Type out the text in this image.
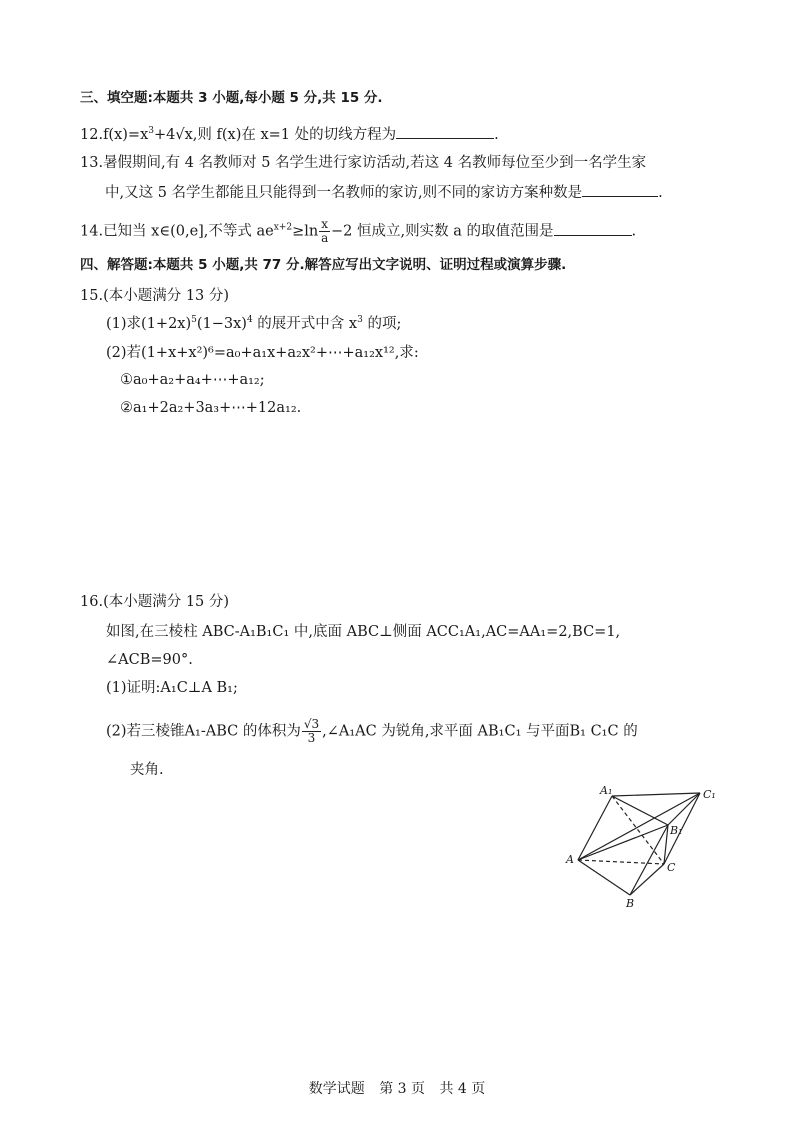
三、填空题:本题共 3 小题,每小题 5 分,共 15 分.
$12.f(x)=x^3+4√x$,则 f(x)在 x=1 处的切线方程为	.
13.暑假期间,有 4 名教师对 5 名学生进行家访活动,若这 4 名教师每位至少到一名学生家
中,又这 5 名学生都能且只能得到一名教师的家访,则不同的家访方案种数是	.
14.已知当 x∈(0,e],不等式 $ae^{x+2}\ge\ln \frac{x}{a} -2$ 恒成立,则实数 a 的取值范围是	.
四、解答题:本题共 5 小题,共 77 分.解答应写出文字说明、证明过程或演算步骤.
15.(本小题满分 13 分)
(1)求$(1+2x)^5(1-3x)^4$ 的展开式中含 $x^3$ 的项;
(2)若(1+x+x²)⁶=a₀+a₁x+a₂x²+⋯+a₁₂x¹²,求:
①a₀+a₂+a₄+⋯+a₁₂;
②a₁+2a₂+3a₃+⋯+12a₁₂.
16.(本小题满分 15 分)
如图,在三棱柱 ABC-A₁B₁C₁ 中,底面 ABC⊥侧面 ACC₁A₁,AC=AA₁=2,BC=1,
∠ACB=90°.
(1)证明:A₁C⊥A B₁;
(2)若三棱锥A₁-ABC 的体积为 $\frac{√3}{3}$ ,∠A₁AC 为锐角,求平面 AB₁C₁ 与平面B₁ C₁C 的
夹角.
A₁	C₁
B₁
A
C
B
数学试题 第 3 页 共 4 页
